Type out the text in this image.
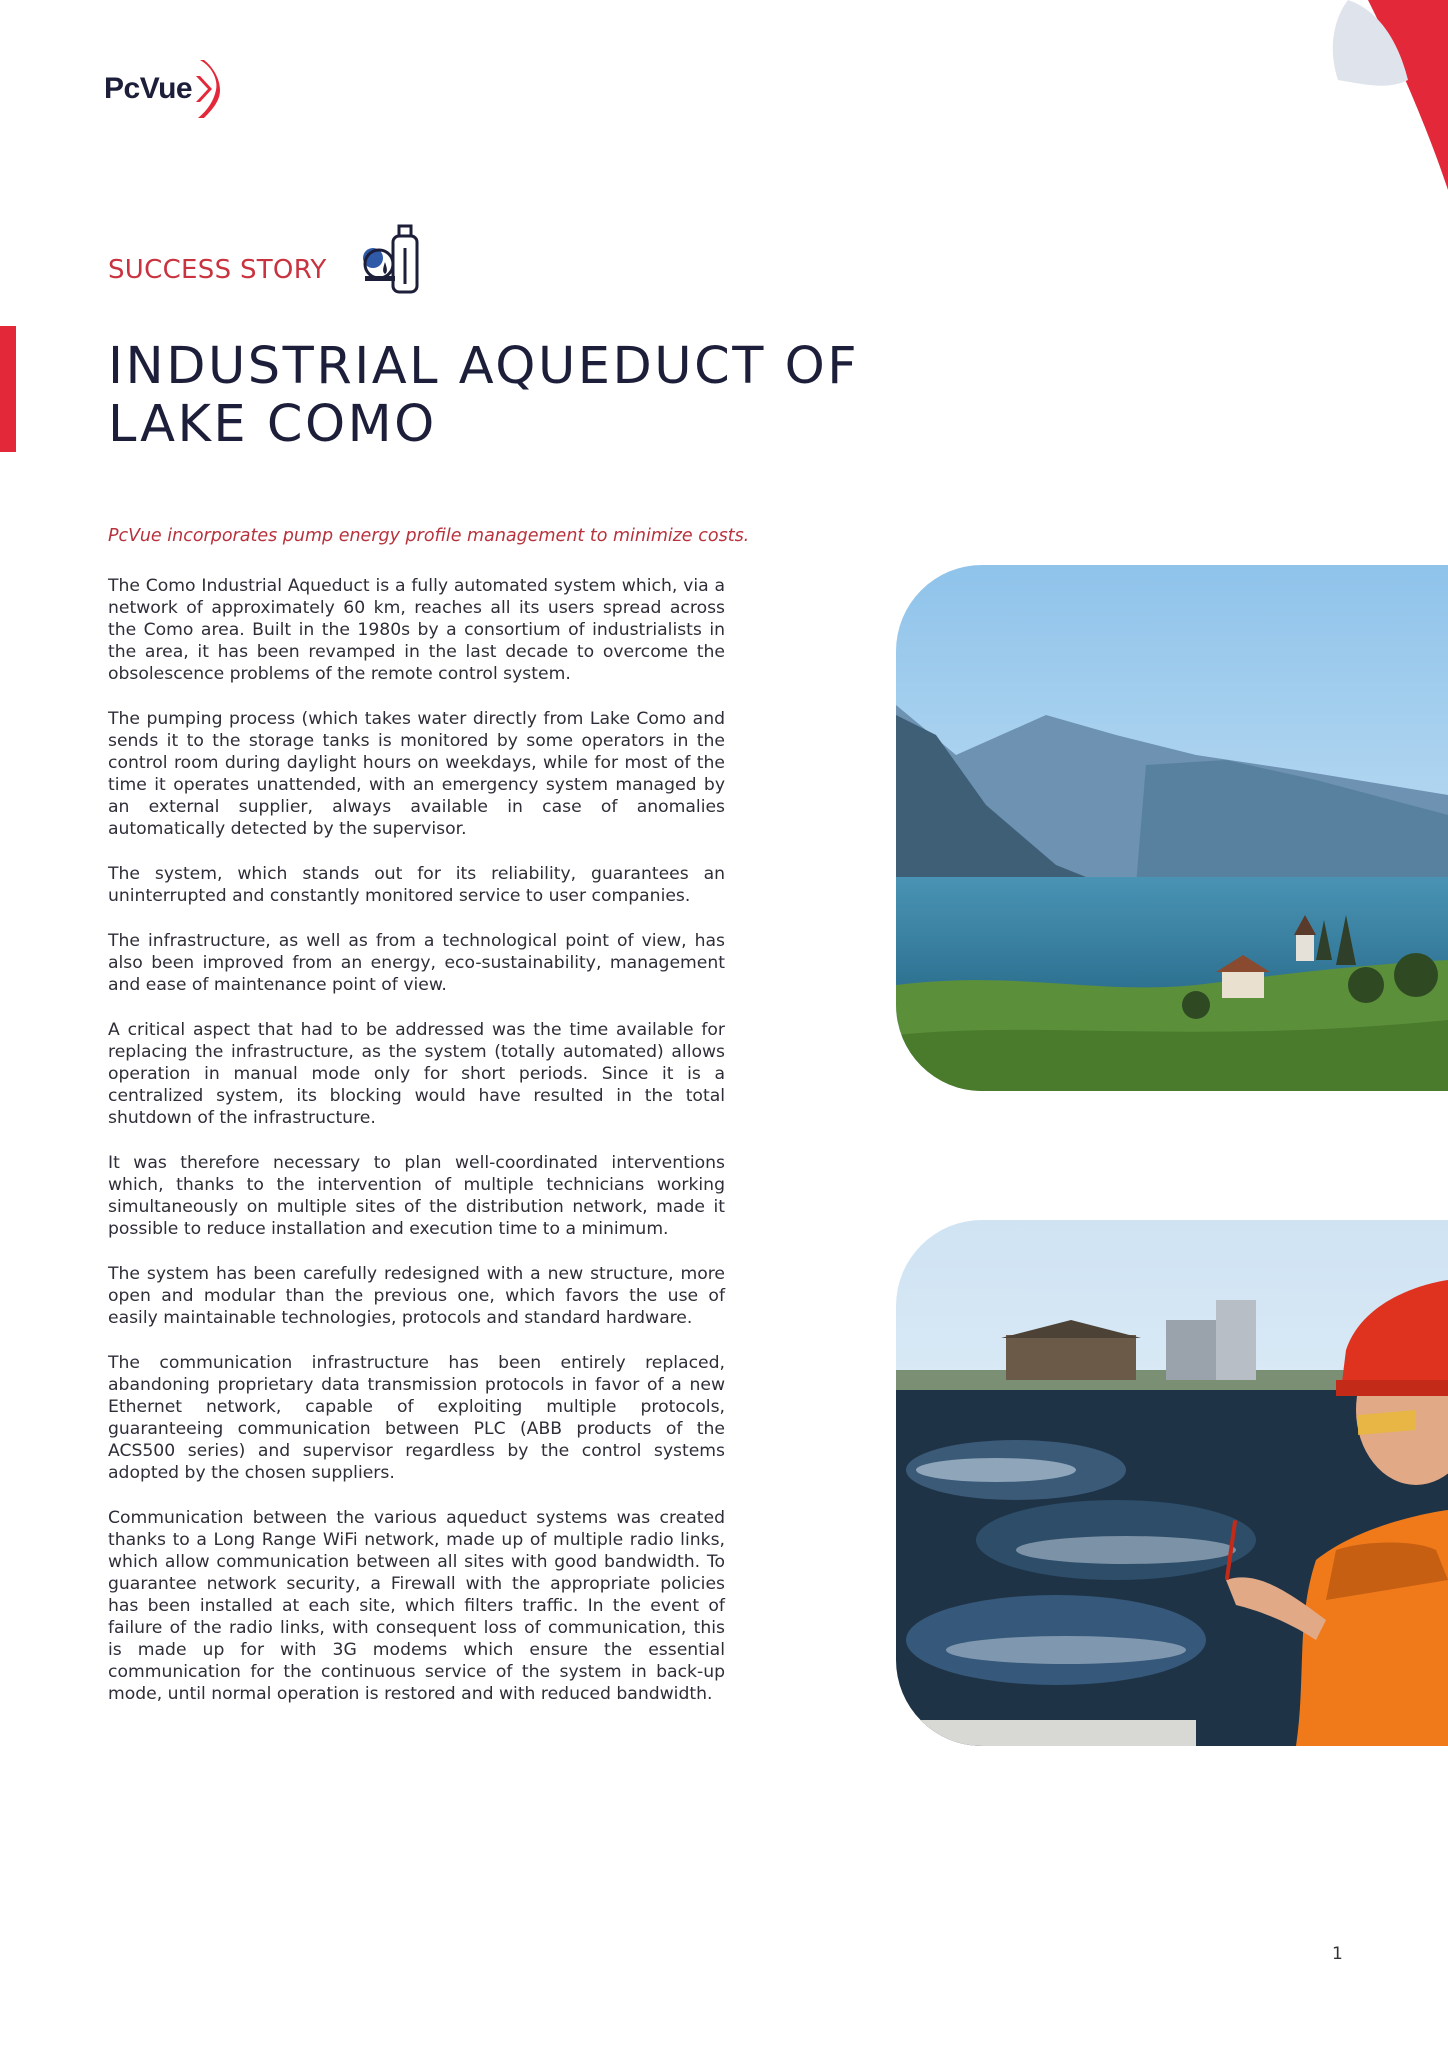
PcVue
SUCCESS STORY
INDUSTRIAL AQUEDUCT OF
LAKE COMO

PcVue incorporates pump energy profile management to minimize costs.

The Como Industrial Aqueduct is a fully automated system which, via a network of approximately 60 km, reaches all its users spread across the Como area. Built in the 1980s by a consortium of industrialists in the area, it has been revamped in the last decade to overcome the obsolescence problems of the remote control system.

The pumping process (which takes water directly from Lake Como and sends it to the storage tanks is monitored by some operators in the control room during daylight hours on weekdays, while for most of the time it operates unattended, with an emergency system managed by an external supplier, always available in case of anomalies automatically detected by the supervisor.

The system, which stands out for its reliability, guarantees an uninterrupted and constantly monitored service to user companies.

The infrastructure, as well as from a technological point of view, has also been improved from an energy, eco-sustainability, management and ease of maintenance point of view.

A critical aspect that had to be addressed was the time available for replacing the infrastructure, as the system (totally automated) allows operation in manual mode only for short periods. Since it is a centralized system, its blocking would have resulted in the total shutdown of the infrastructure.

It was therefore necessary to plan well-coordinated interventions which, thanks to the intervention of multiple technicians working simultaneously on multiple sites of the distribution network, made it possible to reduce installation and execution time to a minimum.

The system has been carefully redesigned with a new structure, more open and modular than the previous one, which favors the use of easily maintainable technologies, protocols and standard hardware.

The communication infrastructure has been entirely replaced, abandoning proprietary data transmission protocols in favor of a new Ethernet network, capable of exploiting multiple protocols, guaranteeing communication between PLC (ABB products of the ACS500 series) and supervisor regardless by the control systems adopted by the chosen suppliers.

Communication between the various aqueduct systems was created thanks to a Long Range WiFi network, made up of multiple radio links, which allow communication between all sites with good bandwidth. To guarantee network security, a Firewall with the appropriate policies has been installed at each site, which filters traffic. In the event of failure of the radio links, with consequent loss of communication, this is made up for with 3G modems which ensure the essential communication for the continuous service of the system in back-up mode, until normal operation is restored and with reduced bandwidth.

1
